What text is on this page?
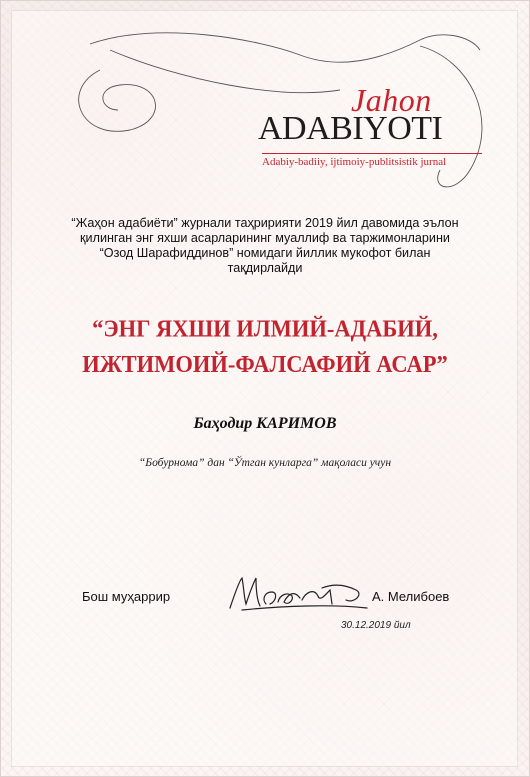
Jahon
ADABIYOTI
Adabiy-badiiy, ijtimoiy-publitsistik jurnal
“Жаҳон адабиёти” журнали таҳририяти 2019 йил давомида эълон
қилинган энг яхши асарларининг муаллиф ва таржимонларини
“Озод Шарафиддинов” номидаги йиллик мукофот билан
тақдирлайди
“ЭНГ ЯХШИ ИЛМИЙ-АДАБИЙ,
ИЖТИМОИЙ-ФАЛСАФИЙ АСАР”
Баҳодир КАРИМОВ
“Бобурнома” дан “Ўтган кунларга” мақоласи учун
Бош муҳаррир	А. Мелибоев
30.12.2019 йил
